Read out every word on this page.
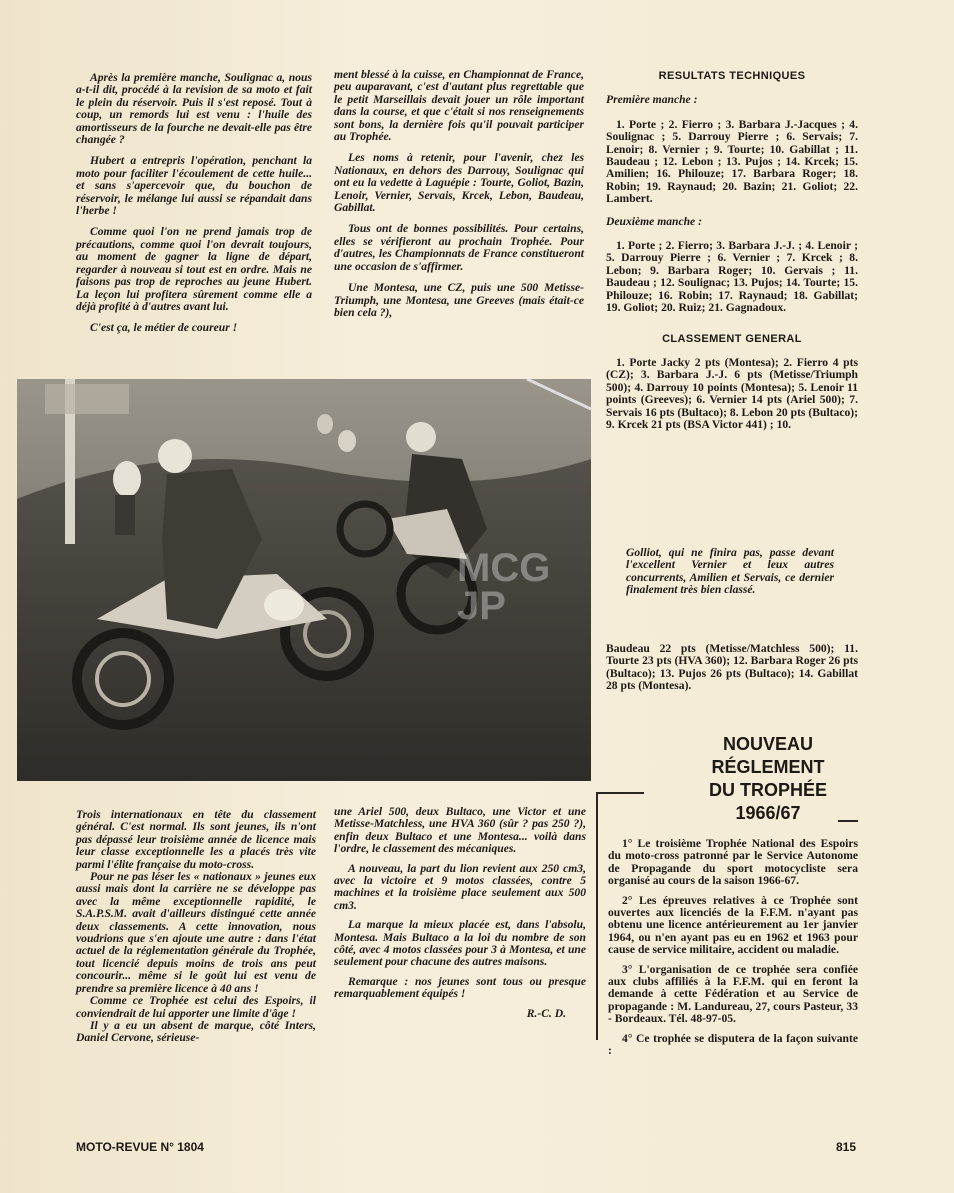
Après la première manche, Soulignac a, nous a-t-il dit, procédé à la revision de sa moto et fait le plein du réservoir. Puis il s'est reposé. Tout à coup, un remords lui est venu : l'huile des amortisseurs de la fourche ne devait-elle pas être changée ?

Hubert a entrepris l'opération, penchant la moto pour faciliter l'écoulement de cette huile... et sans s'apercevoir que, du bouchon de réservoir, le mélange lui aussi se répandait dans l'herbe !

Comme quoi l'on ne prend jamais trop de précautions, comme quoi l'on devrait toujours, au moment de gagner la ligne de départ, regarder à nouveau si tout est en ordre. Mais ne faisons pas trop de reproches au jeune Hubert. La leçon lui profitera sûrement comme elle a déjà profité à d'autres avant lui.

C'est ça, le métier de coureur !

ment blessé à la cuisse, en Championnat de France, peu auparavant, c'est d'autant plus regrettable que le petit Marseillais devait jouer un rôle important dans la course, et que c'était si nos renseignements sont bons, la dernière fois qu'il pouvait participer au Trophée.

Les noms à retenir, pour l'avenir, chez les Nationaux, en dehors des Darrouy, Soulignac qui ont eu la vedette à Laguépie : Tourte, Goliot, Bazin, Lenoir, Vernier, Servais, Krcek, Lebon, Baudeau, Gabillat.

Tous ont de bonnes possibilités. Pour certains, elles se vérifieront au prochain Trophée. Pour d'autres, les Championnats de France constitueront une occasion de s'affirmer.

Une Montesa, une CZ, puis une 500 Metisse-Triumph, une Montesa, une Greeves (mais était-ce bien cela ?),

RESULTATS TECHNIQUES
Première manche :

1. Porte ; 2. Fierro ; 3. Barbara J.-Jacques ; 4. Soulignac ; 5. Darrouy Pierre ; 6. Servais; 7. Lenoir; 8. Vernier ; 9. Tourte; 10. Gabillat ; 11. Baudeau ; 12. Lebon ; 13. Pujos ; 14. Krcek; 15. Amilien; 16. Philouze; 17. Barbara Roger; 18. Robin; 19. Raynaud; 20. Bazin; 21. Goliot; 22. Lambert.

Deuxième manche :

1. Porte ; 2. Fierro; 3. Barbara J.-J. ; 4. Lenoir ; 5. Darrouy Pierre ; 6. Vernier ; 7. Krcek ; 8. Lebon; 9. Barbara Roger; 10. Gervais ; 11. Baudeau ; 12. Soulignac; 13. Pujos; 14. Tourte; 15. Philouze; 16. Robin; 17. Raynaud; 18. Gabillat; 19. Goliot; 20. Ruiz; 21. Gagnadoux.

CLASSEMENT GENERAL

1. Porte Jacky 2 pts (Montesa); 2. Fierro 4 pts (CZ); 3. Barbara J.-J. 6 pts (Metisse/Triumph 500); 4. Darrouy 10 points (Montesa); 5. Lenoir 11 points (Greeves); 6. Vernier 14 pts (Ariel 500); 7. Servais 16 pts (Bultaco); 8. Lebon 20 pts (Bultaco); 9. Krcek 21 pts (BSA Victor 441) ; 10.

MCG JP

Golliot, qui ne finira pas, passe devant l'excellent Vernier et leux autres concurrents, Amilien et Servais, ce dernier finalement très bien classé.

Baudeau 22 pts (Metisse/Matchless 500); 11. Tourte 23 pts (HVA 360); 12. Barbara Roger 26 pts (Bultaco); 13. Pujos 26 pts (Bultaco); 14. Gabillat 28 pts (Montesa).

NOUVEAU
RÉGLEMENT
DU TROPHÉE
1966/67

1° Le troisième Trophée National des Espoirs du moto-cross patronné par le Service Autonome de Propagande du sport motocycliste sera organisé au cours de la saison 1966-67.

2° Les épreuves relatives à ce Trophée sont ouvertes aux licenciés de la F.F.M. n'ayant pas obtenu une licence antérieurement au 1er janvier 1964, ou n'en ayant pas eu en 1962 et 1963 pour cause de service militaire, accident ou maladie.

3° L'organisation de ce trophée sera confiée aux clubs affiliés à la F.F.M. qui en feront la demande à cette Fédération et au Service de propagande : M. Landureau, 27, cours Pasteur, 33 - Bordeaux. Tél. 48-97-05.

4° Ce trophée se disputera de la façon suivante :

Trois internationaux en tête du classement général. C'est normal. Ils sont jeunes, ils n'ont pas dépassé leur troisième année de licence mais leur classe exceptionnelle les a placés très vite parmi l'élite française du moto-cross.

Pour ne pas léser les « nationaux » jeunes eux aussi mais dont la carrière ne se développe pas avec la même exceptionnelle rapidité, le S.A.P.S.M. avait d'ailleurs distingué cette année deux classements. A cette innovation, nous voudrions que s'en ajoute une autre : dans l'état actuel de la réglementation générale du Trophée, tout licencié depuis moins de trois ans peut concourir... même si le goût lui est venu de prendre sa première licence à 40 ans !

Comme ce Trophée est celui des Espoirs, il conviendrait de lui apporter une limite d'âge !

Il y a eu un absent de marque, côté Inters, Daniel Cervone, sérieuse-

une Ariel 500, deux Bultaco, une Victor et une Metisse-Matchless, une HVA 360 (sûr ? pas 250 ?), enfin deux Bultaco et une Montesa... voilà dans l'ordre, le classement des mécaniques.

A nouveau, la part du lion revient aux 250 cm3, avec la victoire et 9 motos classées, contre 5 machines et la troisième place seulement aux 500 cm3.

La marque la mieux placée est, dans l'absolu, Montesa. Mais Bultaco a la loi du nombre de son côté, avec 4 motos classées pour 3 à Montesa, et une seulement pour chacune des autres maisons.

Remarque : nos jeunes sont tous ou presque remarquablement équipés !

R.-C. D.

MOTO-REVUE N° 1804	815
